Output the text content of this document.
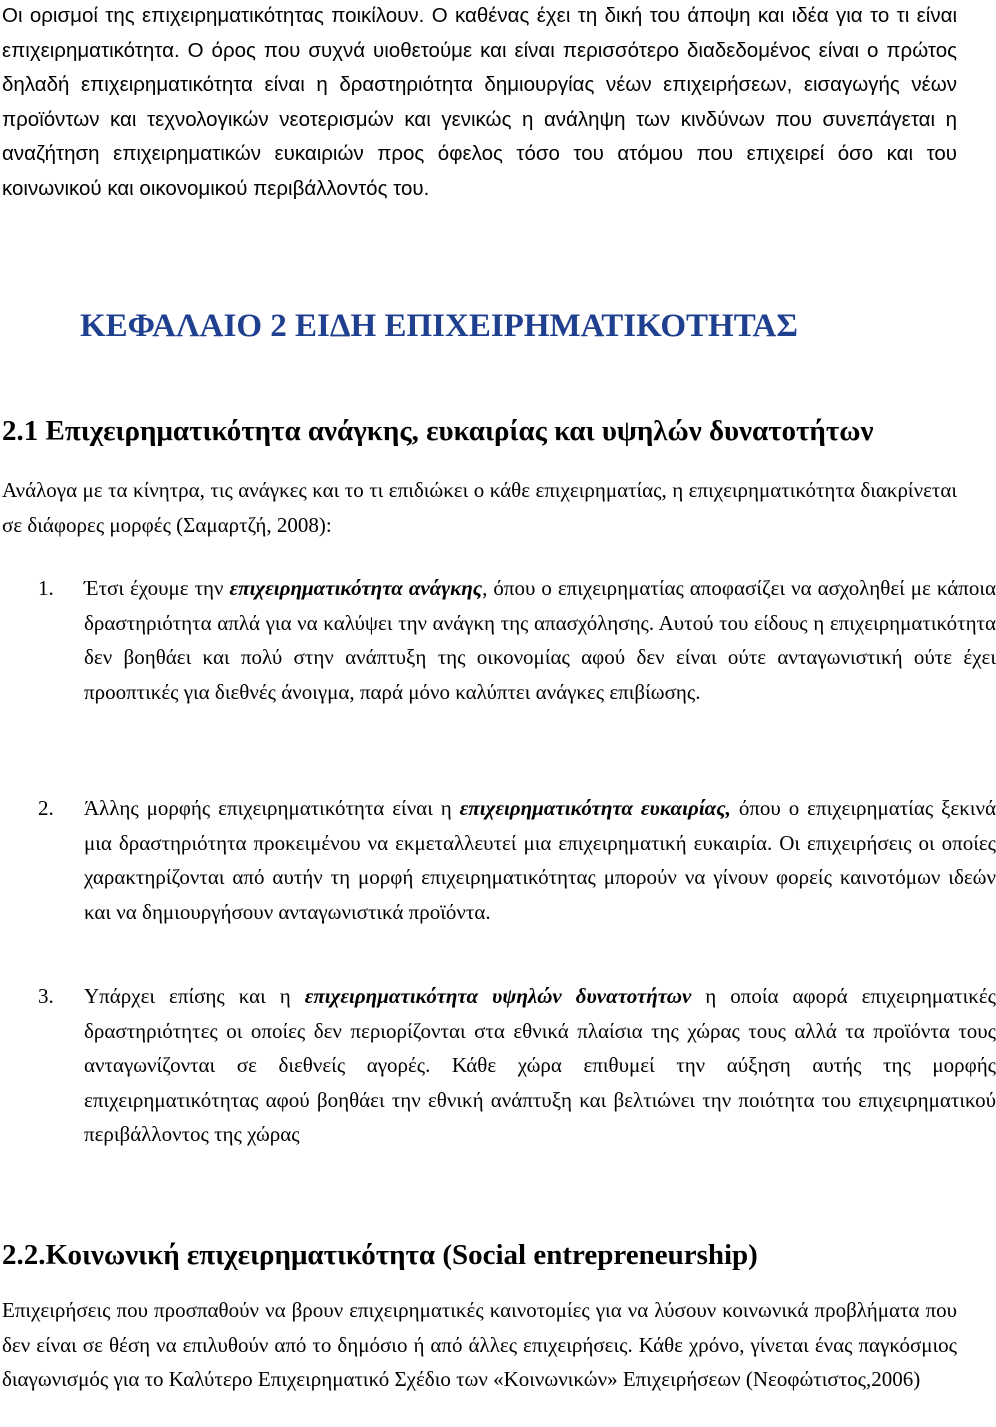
Οι ορισμοί της επιχειρηματικότητας ποικίλουν. Ο καθένας έχει τη δική του άποψη και ιδέα για το τι είναι επιχειρηματικότητα. Ο όρος που συχνά υιοθετούμε και είναι περισσότερο διαδεδομένος είναι ο πρώτος δηλαδή επιχειρηματικότητα είναι η δραστηριότητα δημιουργίας νέων επιχειρήσεων, εισαγωγής νέων προϊόντων και τεχνολογικών νεοτερισμών και γενικώς η ανάληψη των κινδύνων που συνεπάγεται η αναζήτηση επιχειρηματικών ευκαιριών προς όφελος τόσο του ατόμου που επιχειρεί όσο και του κοινωνικού και οικονομικού περιβάλλοντός του.
ΚΕΦΑΛΑΙΟ 2 ΕΙΔΗ ΕΠΙΧΕΙΡΗΜΑΤΙΚΟΤΗΤΑΣ
2.1 Επιχειρηματικότητα ανάγκης, ευκαιρίας και υψηλών δυνατοτήτων
Ανάλογα με τα κίνητρα, τις ανάγκες και το τι επιδιώκει ο κάθε επιχειρηματίας, η επιχειρηματικότητα διακρίνεται σε διάφορες μορφές (Σαμαρτζή, 2008):
1. Έτσι έχουμε την επιχειρηματικότητα ανάγκης, όπου ο επιχειρηματίας αποφασίζει να ασχοληθεί με κάποια δραστηριότητα απλά για να καλύψει την ανάγκη της απασχόλησης. Αυτού του είδους η επιχειρηματικότητα δεν βοηθάει και πολύ στην ανάπτυξη της οικονομίας αφού δεν είναι ούτε ανταγωνιστική ούτε έχει προοπτικές για διεθνές άνοιγμα, παρά μόνο καλύπτει ανάγκες επιβίωσης.
2. Άλλης μορφής επιχειρηματικότητα είναι η επιχειρηματικότητα ευκαιρίας, όπου ο επιχειρηματίας ξεκινά μια δραστηριότητα προκειμένου να εκμεταλλευτεί μια επιχειρηματική ευκαιρία. Οι επιχειρήσεις οι οποίες χαρακτηρίζονται από αυτήν τη μορφή επιχειρηματικότητας μπορούν να γίνουν φορείς καινοτόμων ιδεών και να δημιουργήσουν ανταγωνιστικά προϊόντα.
3. Υπάρχει επίσης και η επιχειρηματικότητα υψηλών δυνατοτήτων η οποία αφορά επιχειρηματικές δραστηριότητες οι οποίες δεν περιορίζονται στα εθνικά πλαίσια της χώρας τους αλλά τα προϊόντα τους ανταγωνίζονται σε διεθνείς αγορές. Κάθε χώρα επιθυμεί την αύξηση αυτής της μορφής επιχειρηματικότητας αφού βοηθάει την εθνική ανάπτυξη και βελτιώνει την ποιότητα του επιχειρηματικού περιβάλλοντος της χώρας
2.2.Κοινωνική επιχειρηματικότητα (Social entrepreneurship)
Επιχειρήσεις που προσπαθούν να βρουν επιχειρηματικές καινοτομίες για να λύσουν κοινωνικά προβλήματα που δεν είναι σε θέση να επιλυθούν από το δημόσιο ή από άλλες επιχειρήσεις. Κάθε χρόνο, γίνεται ένας παγκόσμιος διαγωνισμός για το Καλύτερο Επιχειρηματικό Σχέδιο των «Κοινωνικών» Επιχειρήσεων (Νεοφώτιστος,2006)
